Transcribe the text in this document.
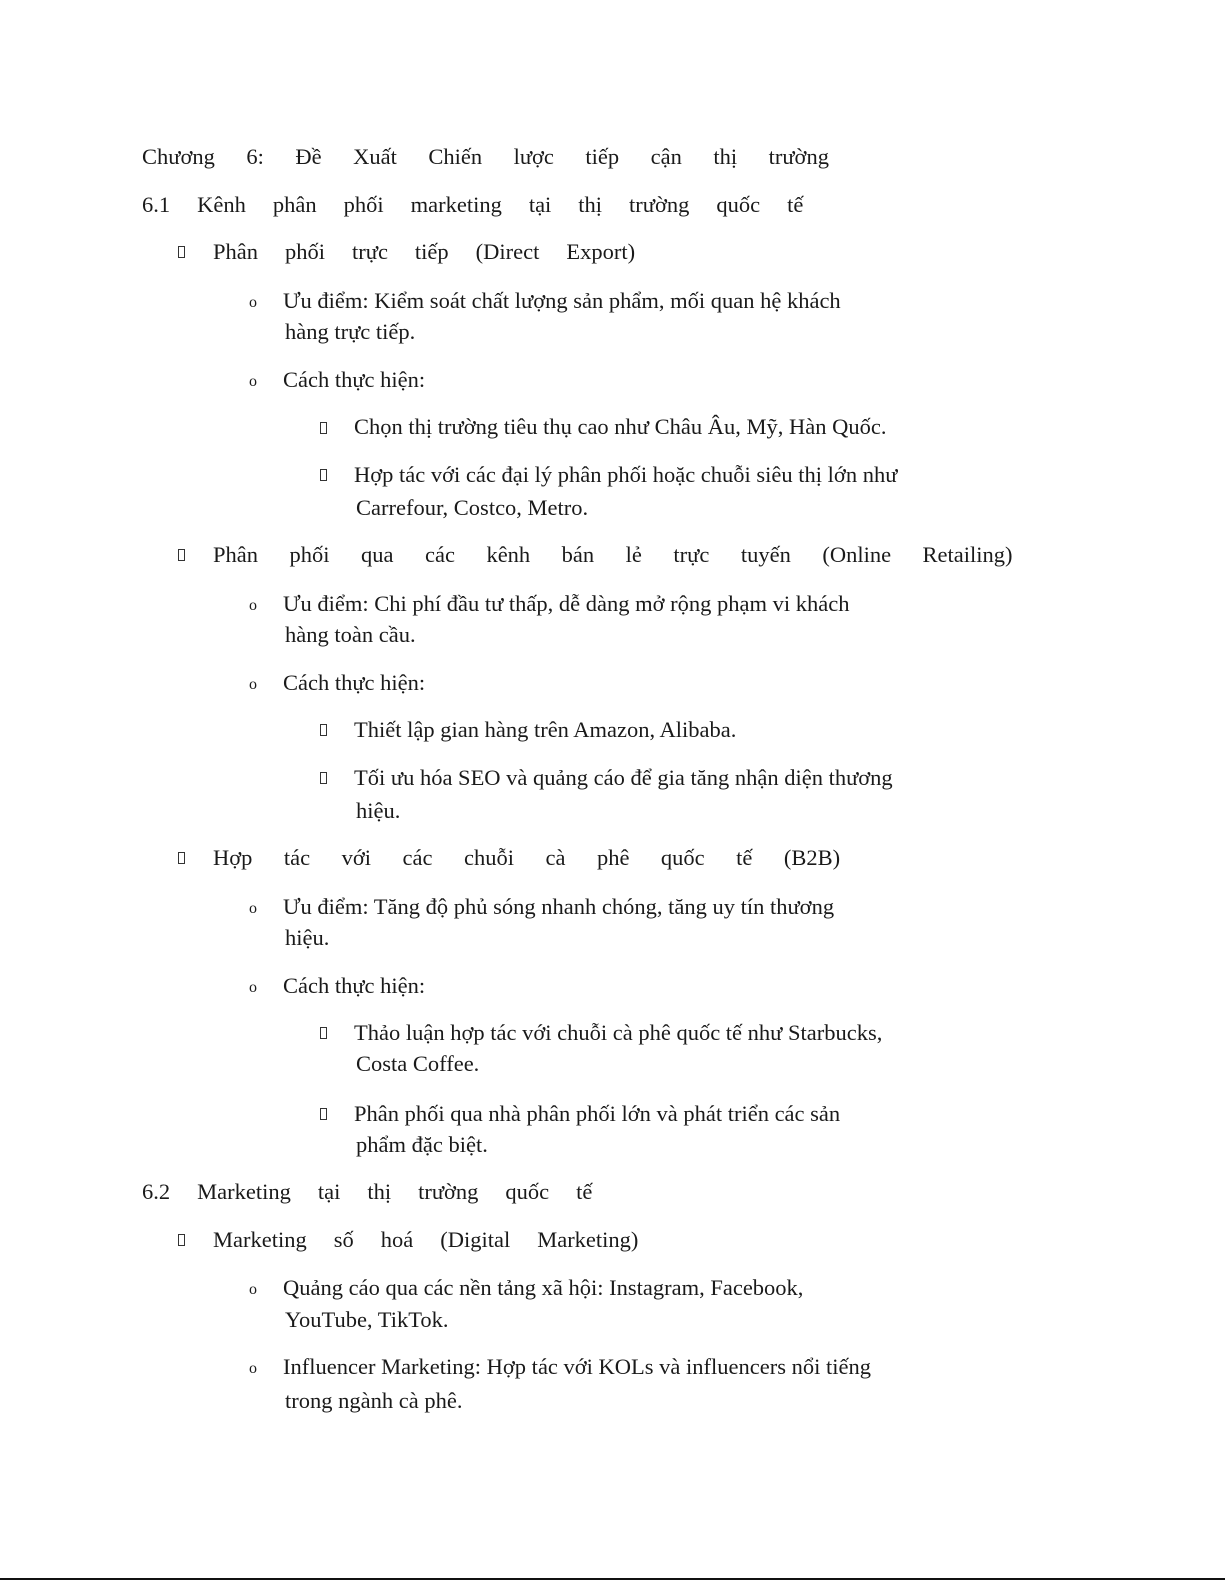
Chương 6: Đề Xuất Chiến lược tiếp cận thị trường
6.1 Kênh phân phối marketing tại thị trường quốc tế
Phân phối trực tiếp (Direct Export)
o Ưu điểm: Kiểm soát chất lượng sản phẩm, mối quan hệ khách
hàng trực tiếp.
o Cách thực hiện:
Chọn thị trường tiêu thụ cao như Châu Âu, Mỹ, Hàn Quốc.
Hợp tác với các đại lý phân phối hoặc chuỗi siêu thị lớn như
Carrefour, Costco, Metro.
Phân phối qua các kênh bán lẻ trực tuyến (Online Retailing)
o Ưu điểm: Chi phí đầu tư thấp, dễ dàng mở rộng phạm vi khách
hàng toàn cầu.
o Cách thực hiện:
Thiết lập gian hàng trên Amazon, Alibaba.
Tối ưu hóa SEO và quảng cáo để gia tăng nhận diện thương
hiệu.
Hợp tác với các chuỗi cà phê quốc tế (B2B)
o Ưu điểm: Tăng độ phủ sóng nhanh chóng, tăng uy tín thương
hiệu.
o Cách thực hiện:
Thảo luận hợp tác với chuỗi cà phê quốc tế như Starbucks,
Costa Coffee.
Phân phối qua nhà phân phối lớn và phát triển các sản
phẩm đặc biệt.
6.2 Marketing tại thị trường quốc tế
Marketing số hoá (Digital Marketing)
o Quảng cáo qua các nền tảng xã hội: Instagram, Facebook,
YouTube, TikTok.
o Influencer Marketing: Hợp tác với KOLs và influencers nổi tiếng
trong ngành cà phê.
